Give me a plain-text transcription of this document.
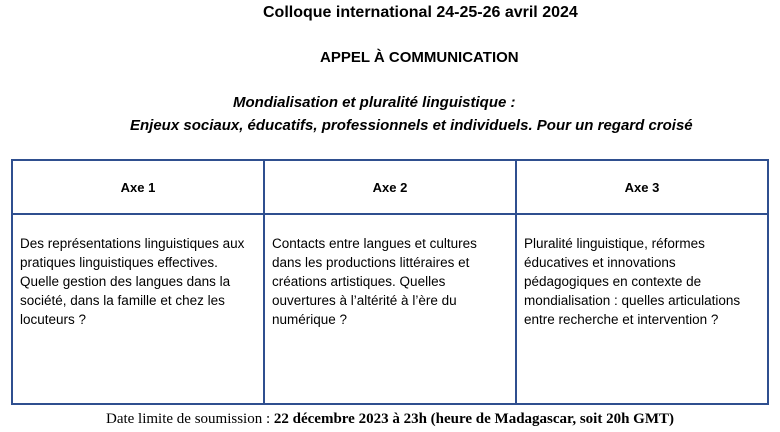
Colloque international 24-25-26 avril 2024
APPEL À COMMUNICATION
Mondialisation et pluralité linguistique :
Enjeux sociaux, éducatifs, professionnels et individuels. Pour un regard croisé
Axe 1	Axe 2	Axe 3
Des représentations linguistiques aux pratiques linguistiques effectives. Quelle gestion des langues dans la société, dans la famille et chez les locuteurs ?
Contacts entre langues et cultures dans les productions littéraires et créations artistiques. Quelles ouvertures à l’altérité à l’ère du numérique ?
Pluralité linguistique, réformes éducatives et innovations pédagogiques en contexte de mondialisation : quelles articulations entre recherche et intervention ?
Date limite de soumission : 22 décembre 2023 à 23h (heure de Madagascar, soit 20h GMT)
